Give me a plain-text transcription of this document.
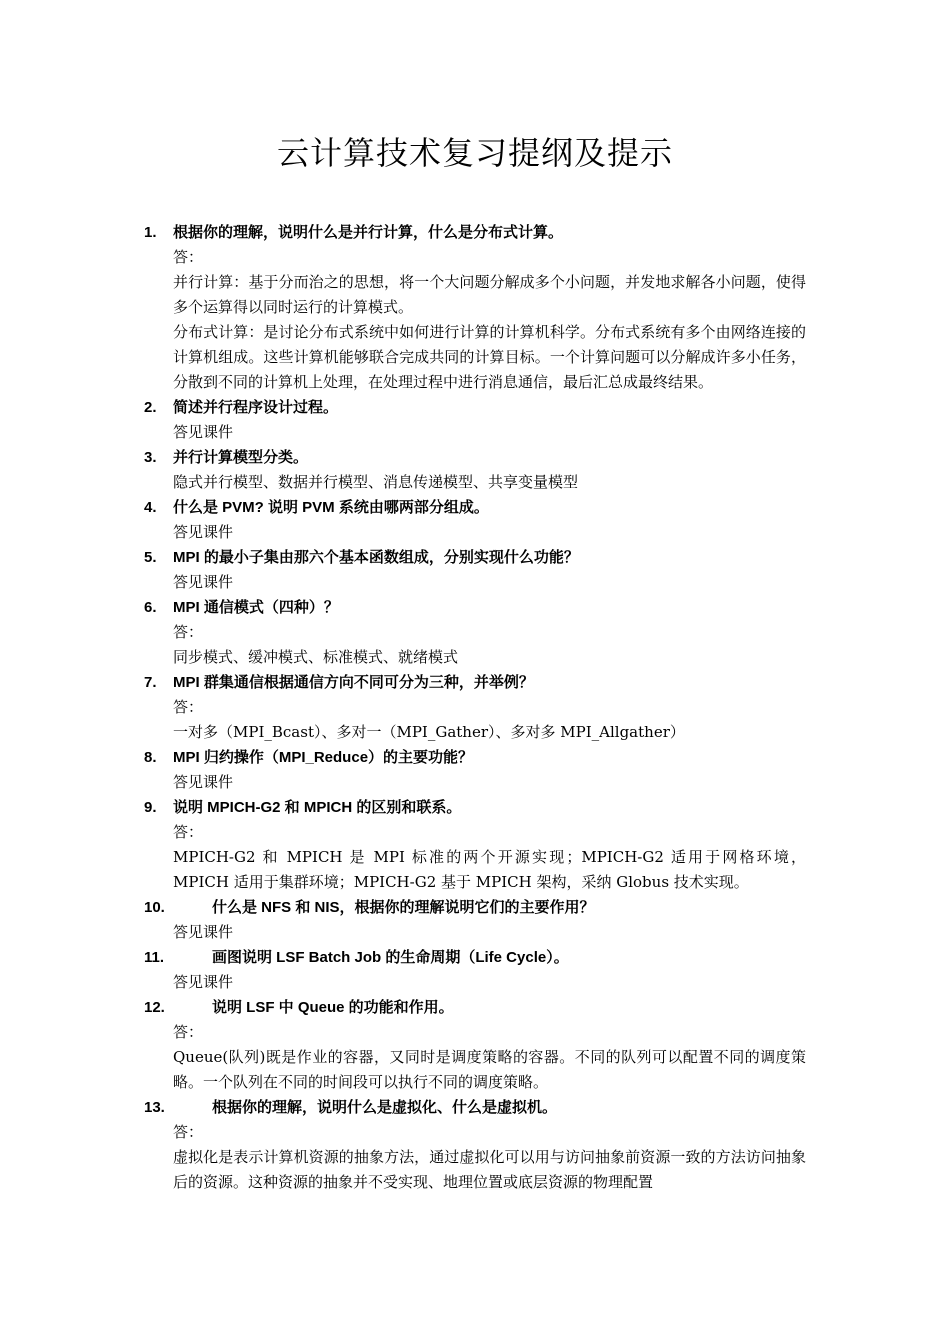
云计算技术复习提纲及提示
1. 根据你的理解，说明什么是并行计算，什么是分布式计算。
答：
并行计算：基于分而治之的思想，将一个大问题分解成多个小问题，并发地求解各小问题，使得多个运算得以同时运行的计算模式。
分布式计算：是讨论分布式系统中如何进行计算的计算机科学。分布式系统有多个由网络连接的计算机组成。这些计算机能够联合完成共同的计算目标。一个计算问题可以分解成许多小任务，分散到不同的计算机上处理，在处理过程中进行消息通信，最后汇总成最终结果。
2. 简述并行程序设计过程。
答见课件
3. 并行计算模型分类。
隐式并行模型、数据并行模型、消息传递模型、共享变量模型
4. 什么是 PVM? 说明 PVM 系统由哪两部分组成。
答见课件
5. MPI 的最小子集由那六个基本函数组成，分别实现什么功能？
答见课件
6. MPI 通信模式（四种）？
答：
同步模式、缓冲模式、标准模式、就绪模式
7. MPI 群集通信根据通信方向不同可分为三种，并举例？
答：
一对多（MPI_Bcast）、多对一（MPI_Gather）、多对多 MPI_Allgather）
8. MPI 归约操作（MPI_Reduce）的主要功能？
答见课件
9. 说明 MPICH-G2 和 MPICH 的区别和联系。
答：
MPICH-G2 和 MPICH 是 MPI 标准的两个开源实现；MPICH-G2 适用于网格环境，MPICH 适用于集群环境；MPICH-G2 基于 MPICH 架构，采纳 Globus 技术实现。
10.	什么是 NFS 和 NIS，根据你的理解说明它们的主要作用？
答见课件
11.	画图说明 LSF Batch Job 的生命周期（Life Cycle）。
答见课件
12.	说明 LSF 中 Queue 的功能和作用。
答：
Queue(队列)既是作业的容器，又同时是调度策略的容器。不同的队列可以配置不同的调度策略。一个队列在不同的时间段可以执行不同的调度策略。
13.	根据你的理解，说明什么是虚拟化、什么是虚拟机。
答：
虚拟化是表示计算机资源的抽象方法，通过虚拟化可以用与访问抽象前资源一致的方法访问抽象后的资源。这种资源的抽象并不受实现、地理位置或底层资源的物理配置
